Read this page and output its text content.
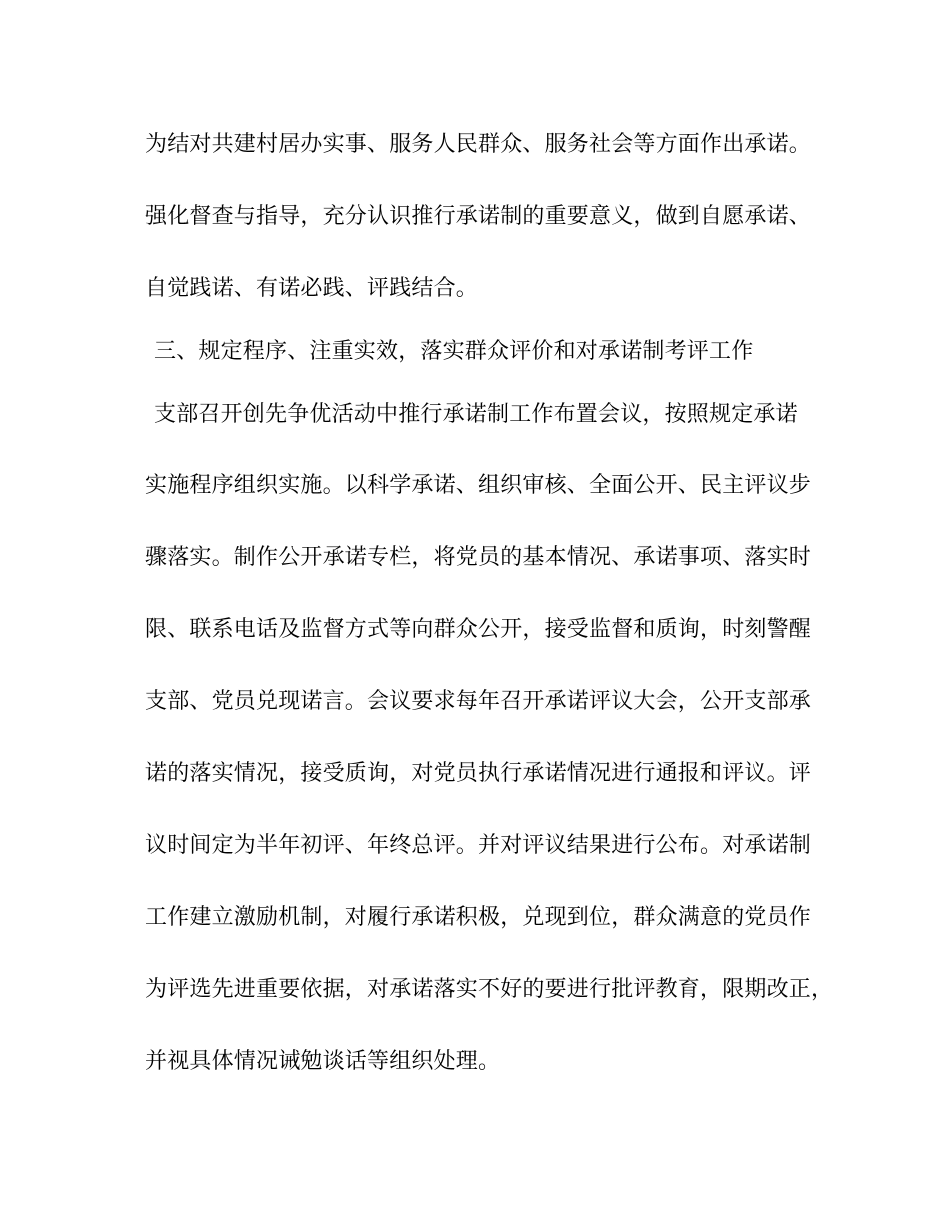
为结对共建村居办实事、服务人民群众、服务社会等方面作出承诺。

强化督查与指导，充分认识推行承诺制的重要意义，做到自愿承诺、

自觉践诺、有诺必践、评践结合。

三、规定程序、注重实效，落实群众评价和对承诺制考评工作

支部召开创先争优活动中推行承诺制工作布置会议，按照规定承诺

实施程序组织实施。以科学承诺、组织审核、全面公开、民主评议步

骤落实。制作公开承诺专栏，将党员的基本情况、承诺事项、落实时

限、联系电话及监督方式等向群众公开，接受监督和质询，时刻警醒

支部、党员兑现诺言。会议要求每年召开承诺评议大会，公开支部承

诺的落实情况，接受质询，对党员执行承诺情况进行通报和评议。评

议时间定为半年初评、年终总评。并对评议结果进行公布。对承诺制

工作建立激励机制，对履行承诺积极，兑现到位，群众满意的党员作

为评选先进重要依据，对承诺落实不好的要进行批评教育，限期改正，

并视具体情况诫勉谈话等组织处理。
